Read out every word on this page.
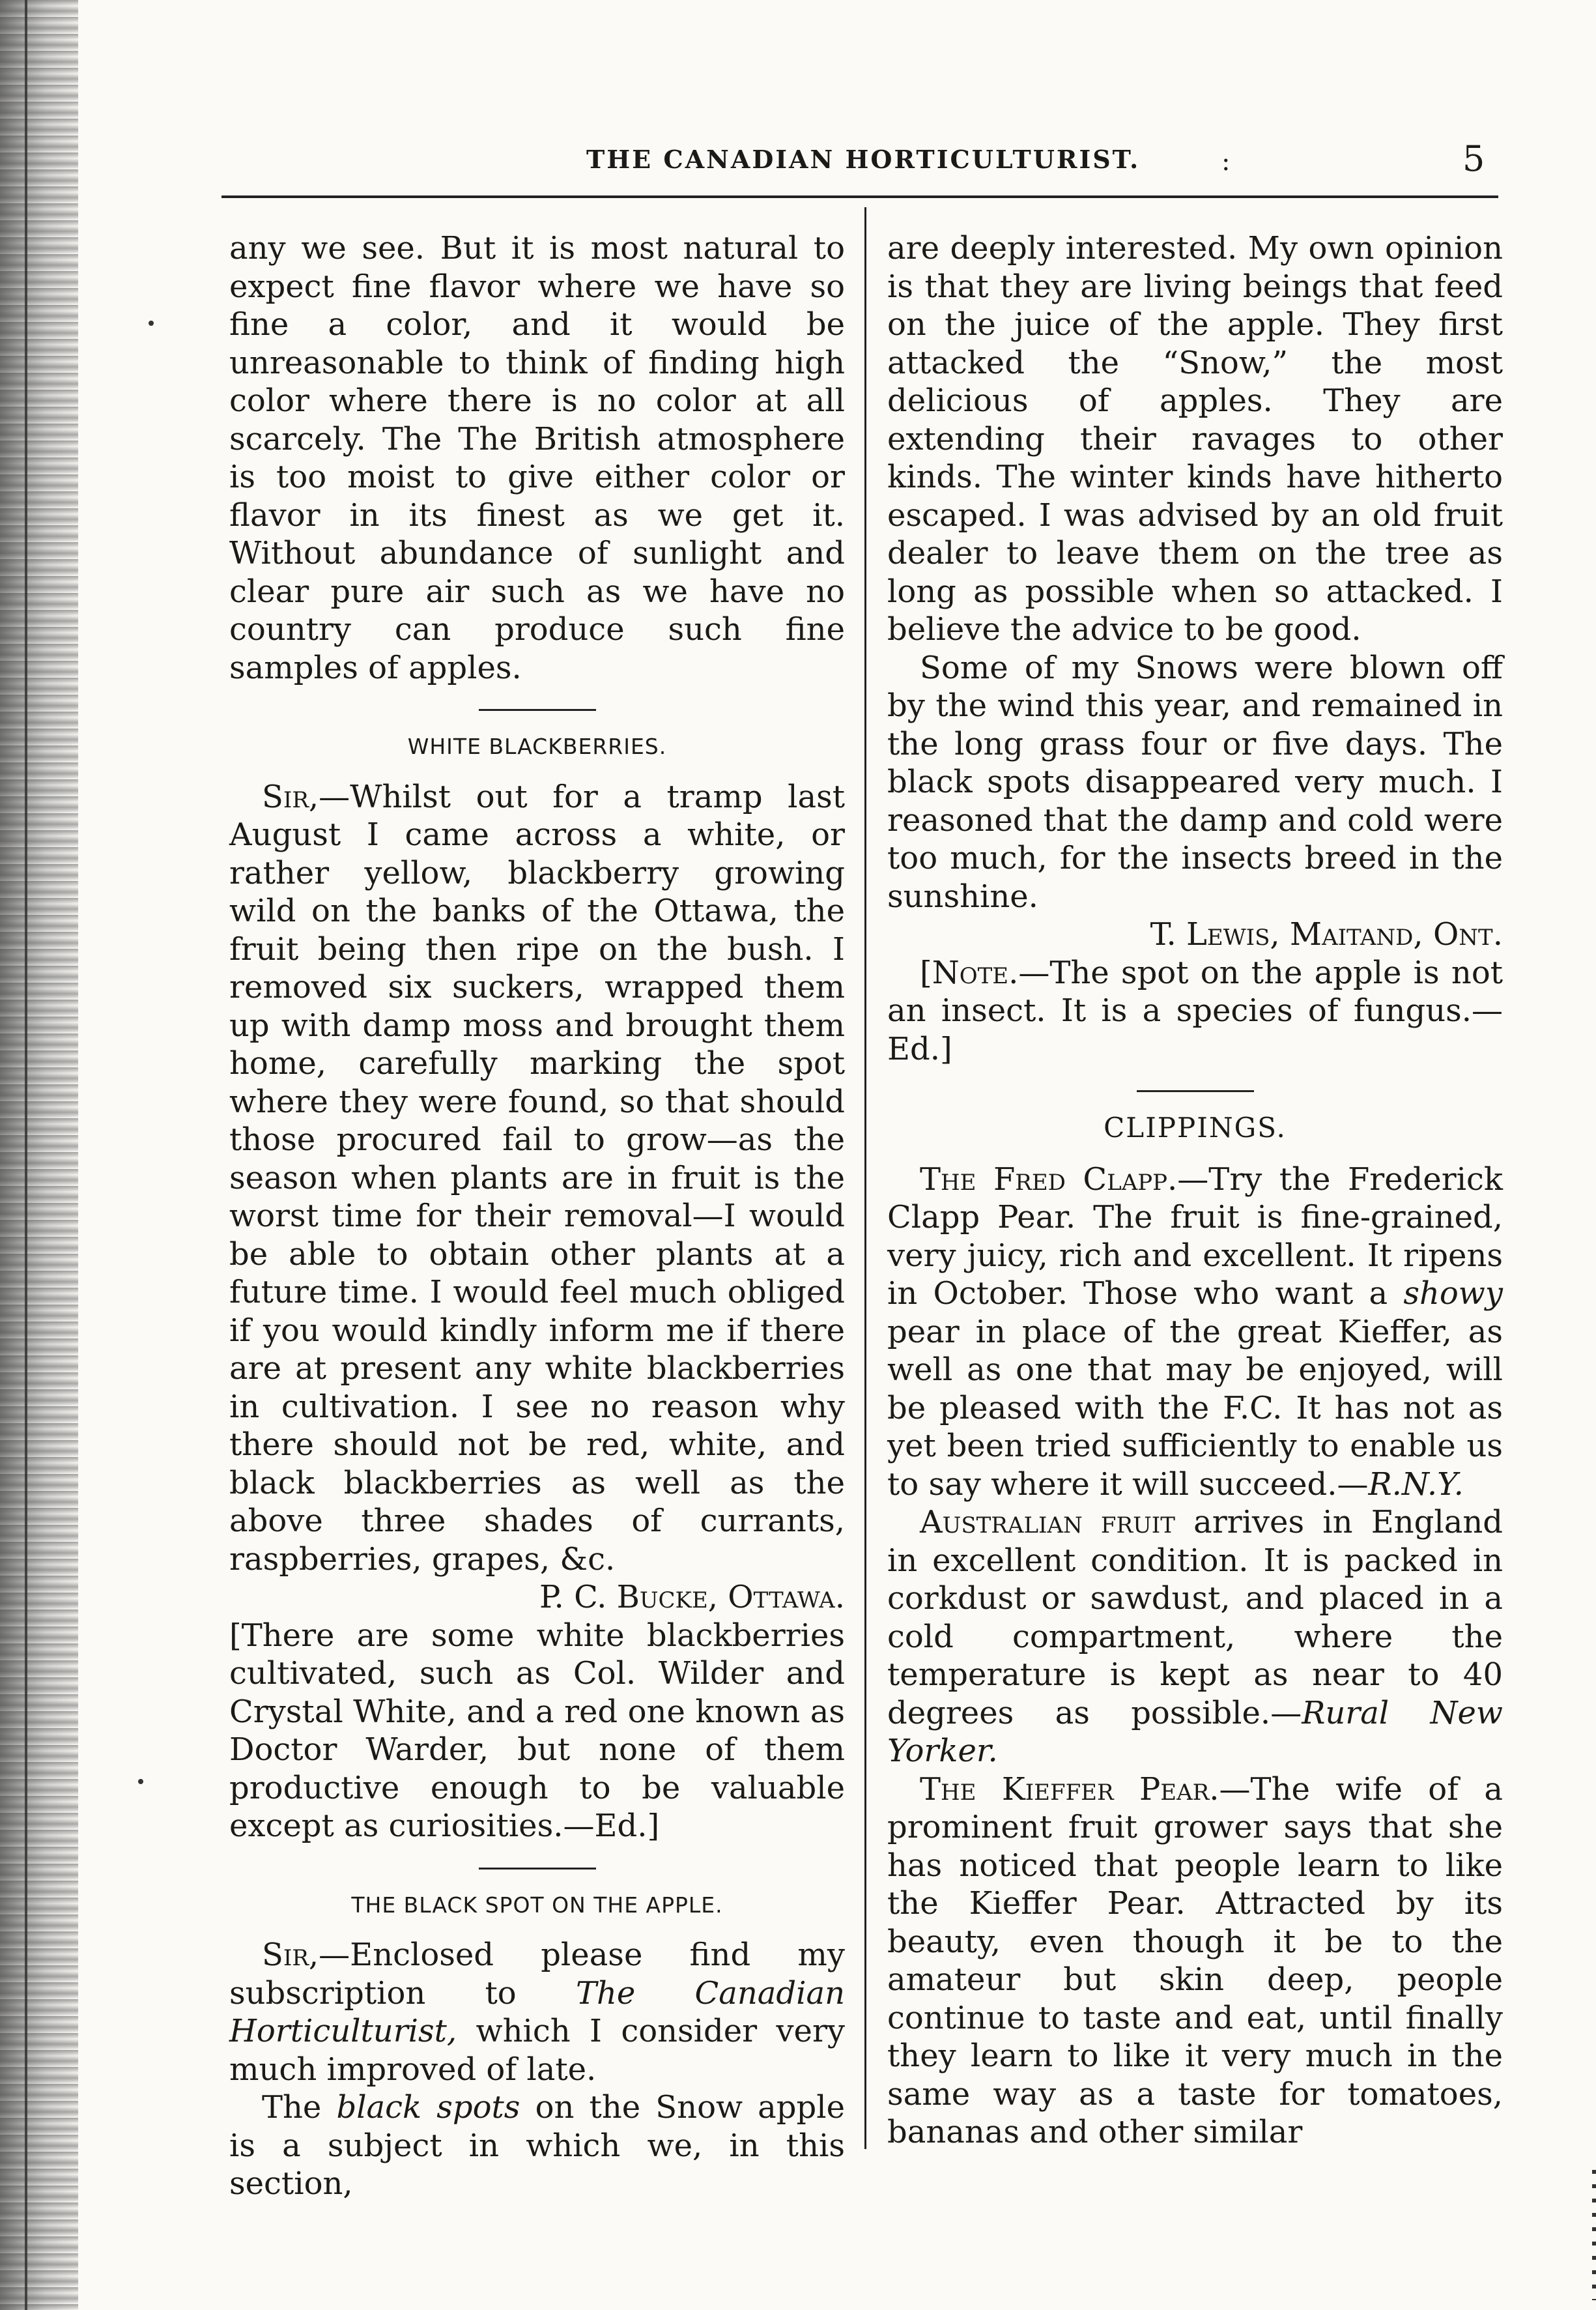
THE CANADIAN HORTICULTURIST.	:	5

any we see. But it is most natural to expect fine flavor where we have so fine a color, and it would be unreasonable to think of finding high color where there is no color at all scarcely. The The British atmosphere is too moist to give either color or flavor in its finest as we get it. Without abundance of sunlight and clear pure air such as we have no country can produce such fine samples of apples.

WHITE BLACKBERRIES.

Sir,—Whilst out for a tramp last August I came across a white, or rather yellow, blackberry growing wild on the banks of the Ottawa, the fruit being then ripe on the bush. I removed six suckers, wrapped them up with damp moss and brought them home, carefully marking the spot where they were found, so that should those procured fail to grow—as the season when plants are in fruit is the worst time for their removal—I would be able to obtain other plants at a future time. I would feel much obliged if you would kindly inform me if there are at present any white blackberries in cultivation. I see no reason why there should not be red, white, and black blackberries as well as the above three shades of currants, raspberries, grapes, &c.

P. C. Bucke, Ottawa.

[There are some white blackberries cultivated, such as Col. Wilder and Crystal White, and a red one known as Doctor Warder, but none of them productive enough to be valuable except as curiosities.—Ed.]

THE BLACK SPOT ON THE APPLE.

Sir,—Enclosed please find my subscription to The Canadian Horticulturist, which I consider very much improved of late.

The black spots on the Snow apple is a subject in which we, in this section,

are deeply interested. My own opinion is that they are living beings that feed on the juice of the apple. They first attacked the “Snow,” the most delicious of apples. They are extending their ravages to other kinds. The winter kinds have hitherto escaped. I was advised by an old fruit dealer to leave them on the tree as long as possible when so attacked. I believe the advice to be good.

Some of my Snows were blown off by the wind this year, and remained in the long grass four or five days. The black spots disappeared very much. I reasoned that the damp and cold were too much, for the insects breed in the sunshine.

T. Lewis, Maitand, Ont.

[Note.—The spot on the apple is not an insect. It is a species of fungus.—Ed.]

CLIPPINGS.

The Fred Clapp.—Try the Frederick Clapp Pear. The fruit is fine-grained, very juicy, rich and excellent. It ripens in October. Those who want a showy pear in place of the great Kieffer, as well as one that may be enjoyed, will be pleased with the F.C. It has not as yet been tried sufficiently to enable us to say where it will succeed.—R.N.Y.

Australian fruit arrives in England in excellent condition. It is packed in corkdust or sawdust, and placed in a cold compartment, where the temperature is kept as near to 40 degrees as possible.—Rural New Yorker.

The Kieffer Pear.—The wife of a prominent fruit grower says that she has noticed that people learn to like the Kieffer Pear. Attracted by its beauty, even though it be to the amateur but skin deep, people continue to taste and eat, until finally they learn to like it very much in the same way as a taste for tomatoes, bananas and other similar
